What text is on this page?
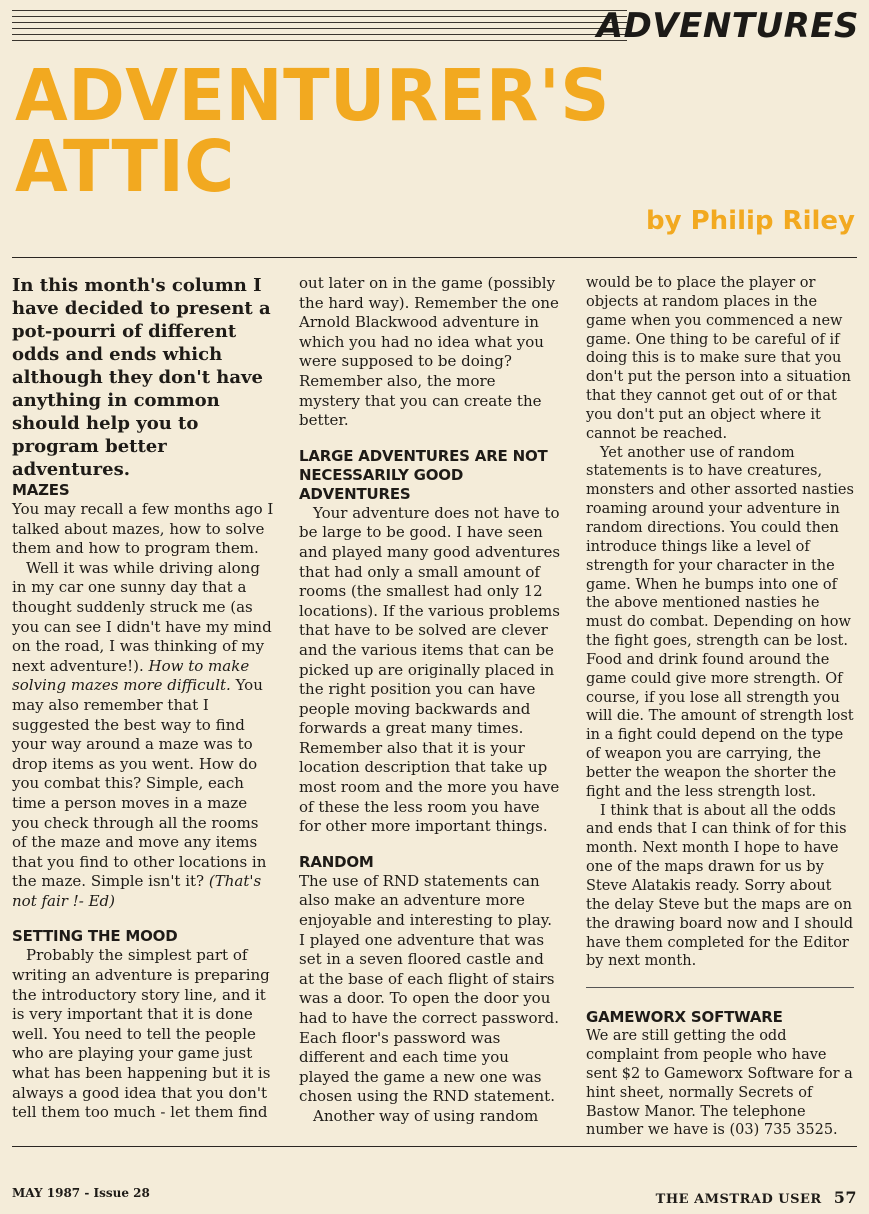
ADVENTURES
ADVENTURER'S ATTIC
by Philip Riley

In this month's column I have decided to present a pot-pourri of different odds and ends which although they don't have anything in common should help you to program better adventures.

MAZES

You may recall a few months ago I talked about mazes, how to solve them and how to program them.

Well it was while driving along in my car one sunny day that a thought suddenly struck me (as you can see I didn't have my mind on the road, I was thinking of my next adventure!). How to make solving mazes more difficult. You may also remember that I suggested the best way to find your way around a maze was to drop items as you went. How do you combat this? Simple, each time a person moves in a maze you check through all the rooms of the maze and move any items that you find to other locations in the maze. Simple isn't it? (That's not fair !- Ed)

SETTING THE MOOD

Probably the simplest part of writing an adventure is preparing the introductory story line, and it is very important that it is done well. You need to tell the people who are playing your game just what has been happening but it is always a good idea that you don't tell them too much - let them find

out later on in the game (possibly the hard way). Remember the one Arnold Blackwood adventure in which you had no idea what you were supposed to be doing? Remember also, the more mystery that you can create the better.

LARGE ADVENTURES ARE NOT NECESSARILY GOOD ADVENTURES

Your adventure does not have to be large to be good. I have seen and played many good adventures that had only a small amount of rooms (the smallest had only 12 locations). If the various problems that have to be solved are clever and the various items that can be picked up are originally placed in the right position you can have people moving backwards and forwards a great many times. Remember also that it is your location description that take up most room and the more you have of these the less room you have for other more important things.

RANDOM

The use of RND statements can also make an adventure more enjoyable and interesting to play. I played one adventure that was set in a seven floored castle and at the base of each flight of stairs was a door. To open the door you had to have the correct password. Each floor's password was different and each time you played the game a new one was chosen using the RND statement.

Another way of using random

would be to place the player or objects at random places in the game when you commenced a new game. One thing to be careful of if doing this is to make sure that you don't put the person into a situation that they cannot get out of or that you don't put an object where it cannot be reached.

Yet another use of random statements is to have creatures, monsters and other assorted nasties roaming around your adventure in random directions. You could then introduce things like a level of strength for your character in the game. When he bumps into one of the above mentioned nasties he must do combat. Depending on how the fight goes, strength can be lost. Food and drink found around the game could give more strength. Of course, if you lose all strength you will die. The amount of strength lost in a fight could depend on the type of weapon you are carrying, the better the weapon the shorter the fight and the less strength lost.

I think that is about all the odds and ends that I can think of for this month. Next month I hope to have one of the maps drawn for us by Steve Alatakis ready. Sorry about the delay Steve but the maps are on the drawing board now and I should have them completed for the Editor by next month.

GAMEWORX SOFTWARE

We are still getting the odd complaint from people who have sent $2 to Gameworx Software for a hint sheet, normally Secrets of Bastow Manor. The telephone number we have is (03) 735 3525.

MAY 1987 - Issue 28	THE AMSTRAD USER 57
